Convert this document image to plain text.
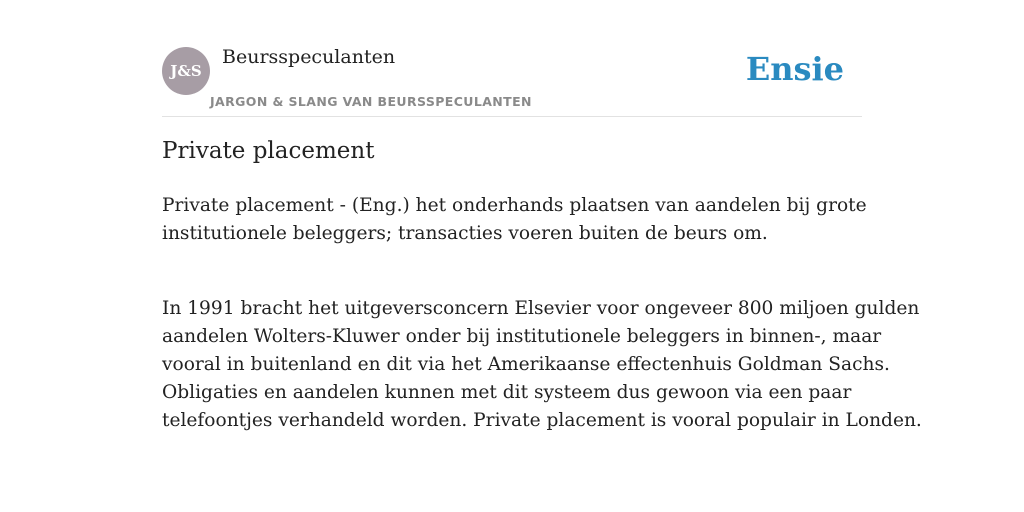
J&S
Beursspeculanten
JARGON & SLANG VAN BEURSSPECULANTEN
Ensie
Private placement

Private placement - (Eng.) het onderhands plaatsen van aandelen bij grote
institutionele beleggers; transacties voeren buiten de beurs om.

In 1991 bracht het uitgeversconcern Elsevier voor ongeveer 800 miljoen gulden
aandelen Wolters-Kluwer onder bij institutionele beleggers in binnen-, maar
vooral in buitenland en dit via het Amerikaanse effectenhuis Goldman Sachs.
Obligaties en aandelen kunnen met dit systeem dus gewoon via een paar
telefoontjes verhandeld worden. Private placement is vooral populair in Londen.
